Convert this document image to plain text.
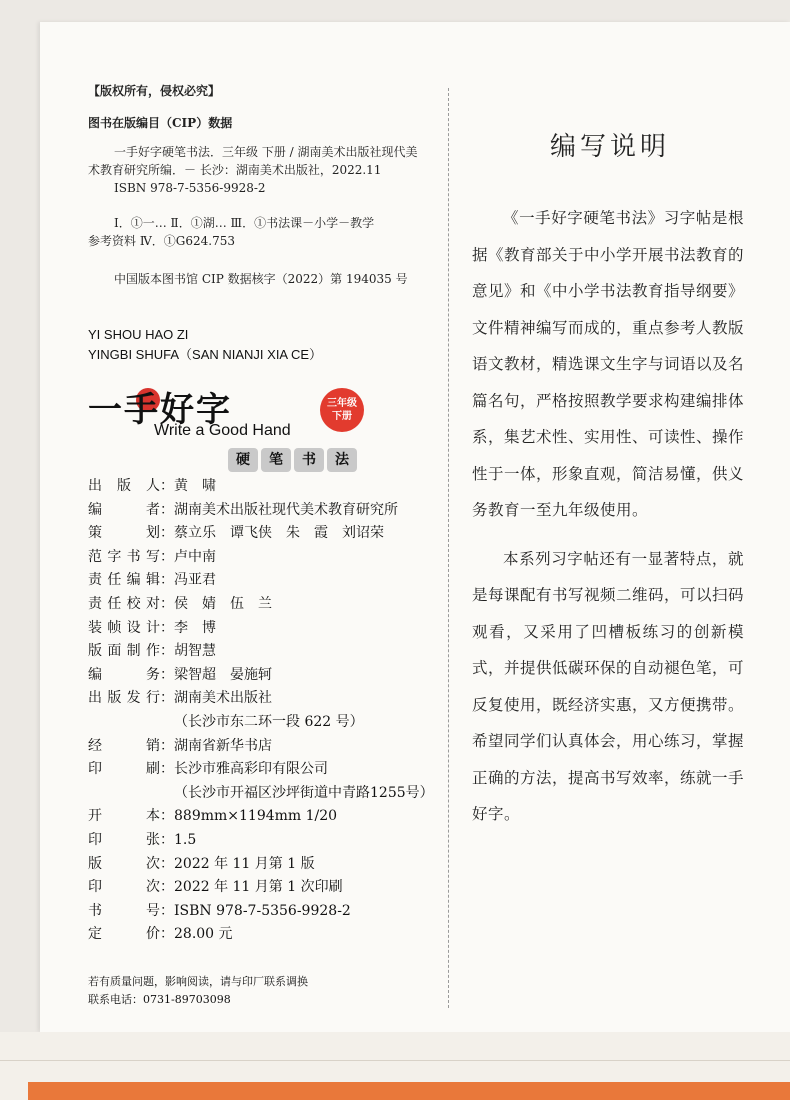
【版权所有，侵权必究】
图书在版编目（CIP）数据
一手好字硬笔书法．三年级 下册 / 湖南美术出版社现代美
术教育研究所编．－ 长沙：湖南美术出版社，2022.11
ISBN 978-7-5356-9928-2
Ⅰ．①一… Ⅱ．①湖… Ⅲ．①书法课－小学－教学
参考资料 Ⅳ．①G624.753
中国版本图书馆 CIP 数据核字（2022）第 194035 号
YI SHOU HAO ZI
YINGBI SHUFA（SAN NIANJI XIA CE）
一手好字
Write a Good Hand
三年级
下册
硬 笔 书 法
出版人 ： 黄　啸
编者 ： 湖南美术出版社现代美术教育研究所
策划 ： 蔡立乐　谭飞侠　朱　霞　刘诏荣
范字书写 ： 卢中南
责任编辑 ： 冯亚君
责任校对 ： 侯　婧　伍　兰
装帧设计 ： 李　博
版面制作 ： 胡智慧
编务 ： 梁智超　晏施轲
出版发行 ： 湖南美术出版社

（长沙市东二环一段 622 号）
经销 ： 湖南省新华书店
印刷 ： 长沙市雅高彩印有限公司

（长沙市开福区沙坪街道中青路1255号）
开本 ： 889mm×1194mm 1/20
印张 ： 1.5
版次 ： 2022 年 11 月第 1 版
印次 ： 2022 年 11 月第 1 次印刷
书号 ： ISBN 978-7-5356-9928-2
定价 ： 28.00 元
若有质量问题，影响阅读，请与印厂联系调换
联系电话：0731-89703098
编写说明

《一手好字硬笔书法》习字帖是根据《教育部关于中小学开展书法教育的意见》和《中小学书法教育指导纲要》文件精神编写而成的，重点参考人教版语文教材，精选课文生字与词语以及名篇名句，严格按照教学要求构建编排体系，集艺术性、实用性、可读性、操作性于一体，形象直观，简洁易懂，供义务教育一至九年级使用。

本系列习字帖还有一显著特点，就是每课配有书写视频二维码，可以扫码观看，又采用了凹槽板练习的创新模式，并提供低碳环保的自动褪色笔，可反复使用，既经济实惠，又方便携带。希望同学们认真体会，用心练习，掌握正确的方法，提高书写效率，练就一手好字。
